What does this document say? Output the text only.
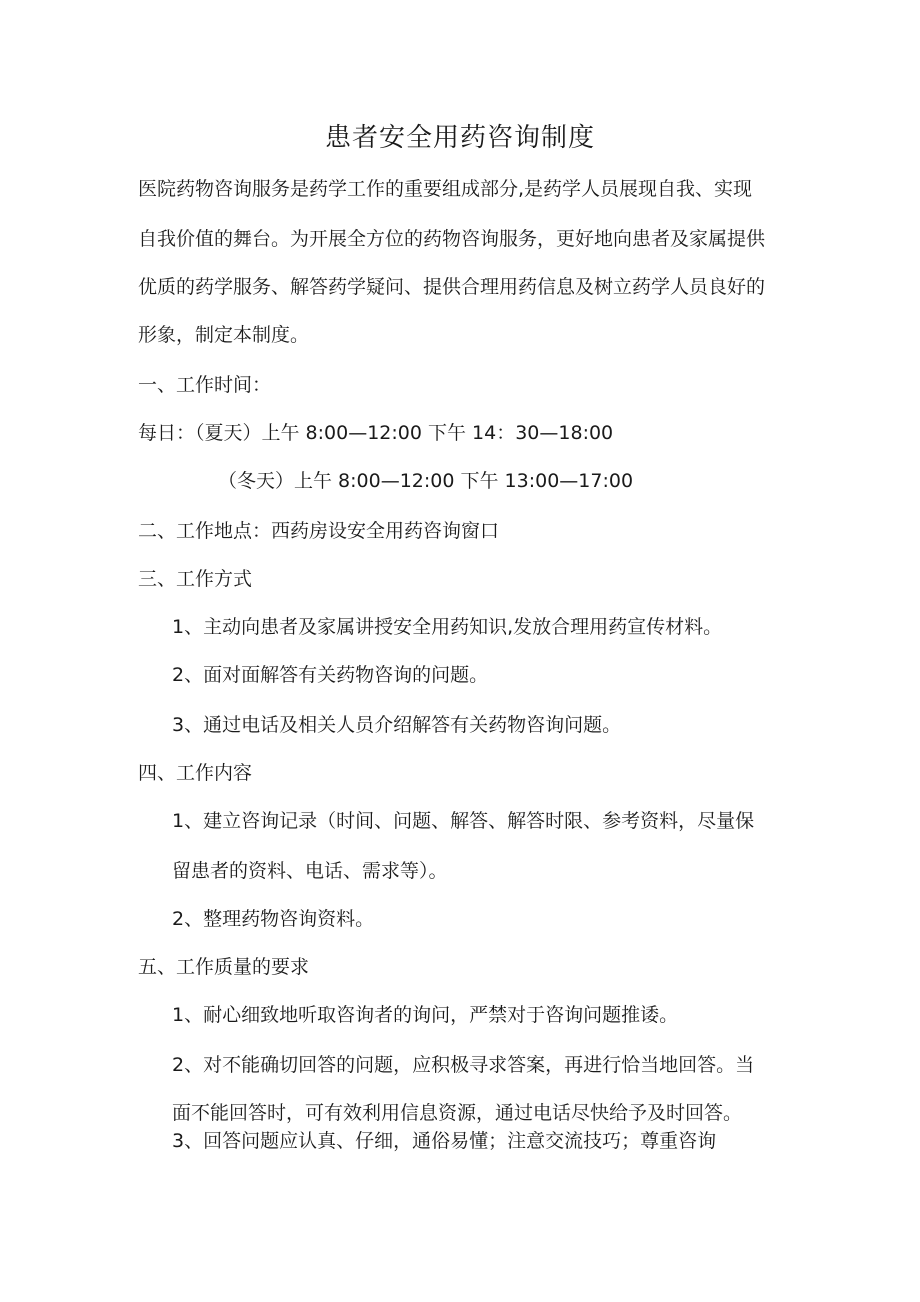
患者安全用药咨询制度
医院药物咨询服务是药学工作的重要组成部分,是药学人员展现自我、实现
自我价值的舞台。为开展全方位的药物咨询服务，更好地向患者及家属提供
优质的药学服务、解答药学疑问、提供合理用药信息及树立药学人员良好的
形象，制定本制度。
一、工作时间：
每日：（夏天）上午 8:00—12:00 下午 14：30—18:00
（冬天）上午 8:00—12:00 下午 13:00—17:00
二、工作地点：西药房设安全用药咨询窗口
三、工作方式
1、主动向患者及家属讲授安全用药知识,发放合理用药宣传材料。
2、面对面解答有关药物咨询的问题。
3、通过电话及相关人员介绍解答有关药物咨询问题。
四、工作内容
1、建立咨询记录（时间、问题、解答、解答时限、参考资料，尽量保
留患者的资料、电话、需求等）。
2、整理药物咨询资料。
五、工作质量的要求
1、耐心细致地听取咨询者的询问，严禁对于咨询问题推诿。
2、对不能确切回答的问题，应积极寻求答案，再进行恰当地回答。当
面不能回答时，可有效利用信息资源，通过电话尽快给予及时回答。
3、回答问题应认真、仔细，通俗易懂；注意交流技巧；尊重咨询
